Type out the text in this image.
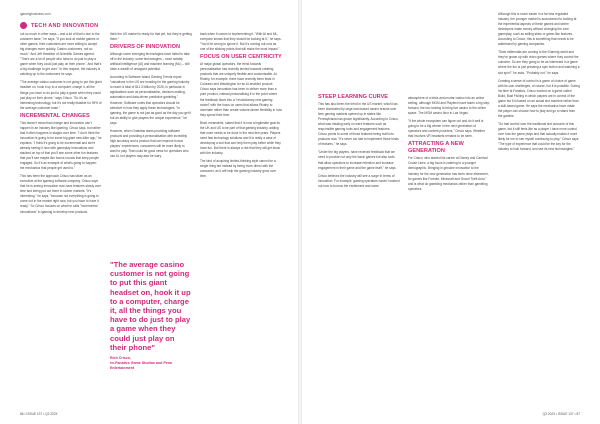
igamingbusiness.com
TECH AND INNOVATION

not so much in other ways – and a lot of that is due to the customer base," he says. "If you look at mobile games or other games, their customers are more willing to accept big changes more quickly. Casino customers, not so much." And Jeff Hamilton of Scientific Games agreed: "There are a lot of people who have to do just to play a game when they could just play on their phone." And that's a big challenge to get over." In this respect, the industry is catching up to the customers he says.

"The average casino customer is not going to put this giant headset on, hook it up to a computer, charge it, all the things you have to do just to play a game when they could just play on their phone," says Crisco. "So it's an interesting technology, but it's not really feasible for 99% of the average customer base."

INCREMENTAL CHANGES

This doesn't mean that change and innovation can't happen in an industry like igaming, Crisco says, but rather that it often happens in stages over time. "I don't think the innovation is going to be some big giant new killer app," he explains. "I think it's going to be incremental and we're already seeing it now with gameplay innovations and stacked on top of that you'll see some other fun features that you'll see maybe like bonus rounds that keep people engaged. So it's an example of what's going to happen: the mechanics that people get used to."

This has been the approach Crisco has taken as an executive at the igaming software company. Crisco says that he is seeing innovation now have features slowly over time and being put out there in slower markets. "It's interesting," he says, "because not everything is going to come out in the market right now, but you have to have it ready." So Crisco focuses on what he calls "incremental innovations" in igaming to develop new products.

think the US market is ready for that yet, but they're getting there."

DRIVERS OF INNOVATION

Although some emerging technologies have failed to take off in the industry, some technologies – most notably artificial intelligence (AI) and machine learning (ML) – still have a wealth of untapped potential.

According to Software Island Gaming Trends report, "valuations in the US are heading for the gaming industry to reach a total of $11.3 billion by 2026, in particular in applications such as personalisation, decision-making, automation and data-driven predictive gambling." However, Software notes that operators should be selective in how they apply these technologies. "In igaming, the game is not just as good as the day you get it but an ability to give players the unique experience," he says.

However, when Gratuitas starts providing software products and providing a personalisation with incredibly high accuracy and a product that can improve bonus players' experiences, consumers will be more likely to want to play. That could be good news for operators who use AI, but players may also be wary.

back when it comes to implementing it. "With AI and ML, everyone knows that they should be looking at it," he says. "You'd be wrong to ignore it. But it's coming out now as one of the sticking points that will make the most impact."

FOCUS ON USER CENTRICITY

At major global operators, the trend towards personalisation has recently tended towards creating products that are uniquely flexible and customisable. At Rivalry, for example, there have recently been tests in Colorado and Washington for an AI-enabled product. Crisco says innovation has been to deliver more than a pure product, instead personalising it to the point where the feedback flows into a "revolutionary new gaming model" with the focus on users that allows Rivalry to dominate rather than create volume-driven flexibility in how they spend their time.

Bratt, meanwhile, stated that it is now a legitimate goal for the UK and US to be part of that gaming industry, adding that more needs to be done in the next few years. Players need fast technology solutions and it is really a case of developing a tool that can help them play better while they have fun. But there is always a risk that they will get stuck with the industry.

The kind of acquiring limited-thinking style cannot be a single thing but instead by being more direct with the consumer, as it will help the gaming industry grow over time.

"The average casino customer is not going to put this giant headset on, hook it up to a computer, charge it, all the things you have to do just to play a game when they could just play on their phone"
Rich Crisco,
ex-Fanatics Game Studios and Penn Entertainment
STEEP LEARNING CURVE

This has also been the trend in the US market, which has been dominated by large land-based casino brands over time gaming markets opened up in states like Pennsylvania has grown significantly. According to Crisco, what was missing early on were features such as responsible gaming tools and engagement features. Crisco points to some of those features being built into products now. "It's never too late to implement those kinds of features," he says.

"Under the big players, have received feedback that we need to provide not only the basic games but also tools that allow operators to increase retention and increase engagement in their game and the game itself," he says.

Crisco believes the industry will see a surge in terms of innovation. For example, gaming operators haven't worked out how to borrow the excitement and some

atmosphere of a brick-and-mortar casino into an online setting, although MGM and Playtech have taken a big step forward, the two looking to bring live casino to the online space. The MGM casino floor in Las Vegas.

"If the whole ecosystem can figure out and do it well is going to be a big winner in the next generation of operators and content providers," Crisco says. Whether that involves VR headsets remains to be seen.

ATTRACTING A NEW GENERATION

For Crisco, who started his career at Disney and Carnival Cruise Lines, a big focus is catering to a younger demographic. Bringing in genuine innovation to the industry for the new generation has been done elsewhere, for games like Fortnite, Minecraft and Grand Theft Auto," and is what do gambling mechanics rather than gambling operators.

Although this is much easier in a far less regulated industry, the younger market is accustomed to looking at the experiential aspects of these games and where developers make money without changing the core gameplay, such as selling skins or game-like features. According to Crisco, this is something that needs to be addressed by gaming companies.

"Slots millennials are coming to the iGaming world and they've grown up with video games where they control the outcome. So are they going to be as interested in a game where the fun is just pressing a spin button and watching a slot spin?" he asks. "Probably not," he says.

Creating a sense of control is a game of choice of game with its own challenges, of course, but it is possible. During his time at Fanatics, Crisco worked on a game called Build, Bust Fishing in which players are in control of the game but it is based on an actual slot machine rather than a skill-based game. He says the mechanics have made the player can choose how to play and go to stand from the gamble.

"So that control over the traditional slot outcome of this game, but it still feels like as a player I have more control over how the game plays and that actually makes it more likely for me to see myself continuing to play," Crisco says. "The type of experience that could be the key for the industry to look forward, and see its new technologies."

86 • ISSUE 137 • Q3 2023	Q3 2023 • ISSUE 137 • 87
